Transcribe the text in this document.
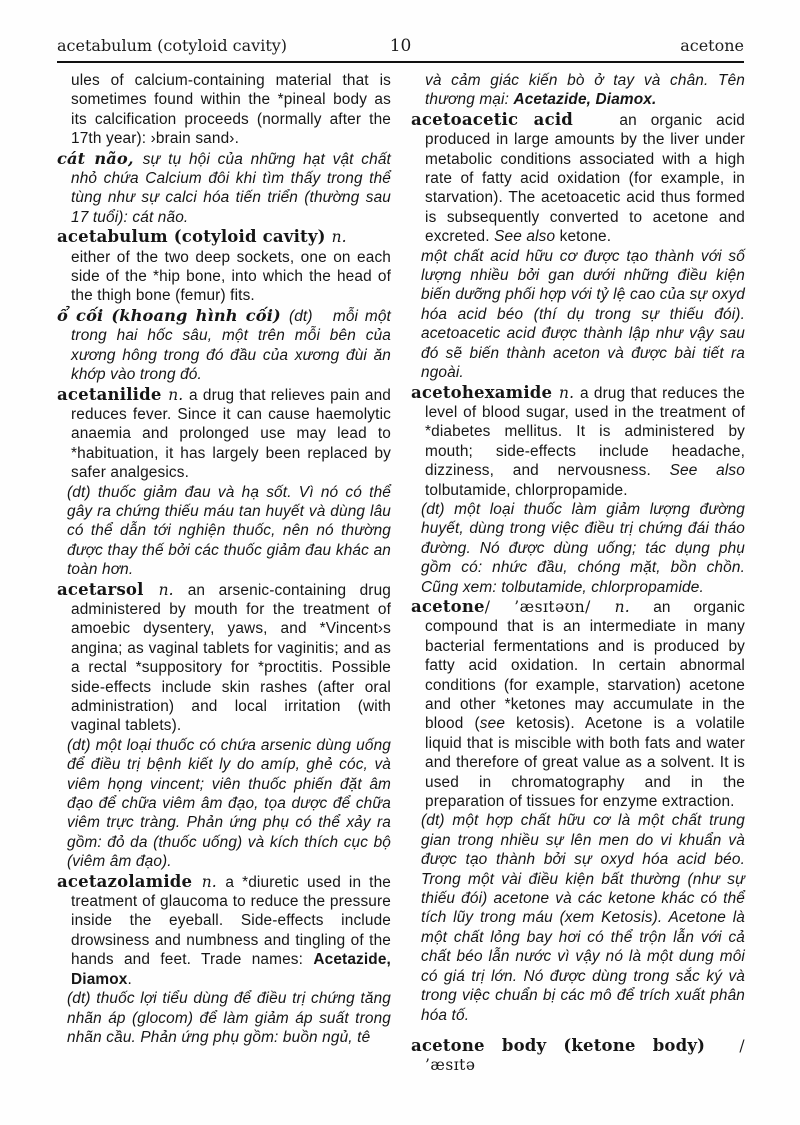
acetabulum (cotyloid cavity)	10	acetone

ules of calcium-containing material that is sometimes found within the *pineal body as its calcification proceeds (normally after the 17th year): ›brain sand›.

cát não, sự tụ hội của những hạt vật chất nhỏ chứa Calcium đôi khi tìm thấy trong thể tùng như sự calci hóa tiến triển (thường sau 17 tuổi): cát não.

acetabulum (cotyloid cavity) n.

either of the two deep sockets, one on each side of the *hip bone, into which the head of the thigh bone (femur) fits.

ổ cối (khoang hình cối) (dt)   mỗi một trong hai hốc sâu, một trên mỗi bên của xương hông trong đó đầu của xương đùi ăn khớp vào trong đó.

acetanilide n. a drug that relieves pain and reduces fever. Since it can cause haemolytic anaemia and prolonged use may lead to *habituation, it has largely been replaced by safer analgesics.

(dt) thuốc giảm đau và hạ sốt. Vì nó có thể gây ra chứng thiếu máu tan huyết và dùng lâu có thể dẫn tới nghiện thuốc, nên nó thường được thay thế bởi các thuốc giảm đau khác an toàn hơn.

acetarsol n. an arsenic-containing drug administered by mouth for the treatment of amoebic dysentery, yaws, and *Vincent›s angina; as vaginal tablets for vaginitis; and as a rectal *suppository for *proctitis. Possible side-effects include skin rashes (after oral administration) and local irritation (with vaginal tablets).

(dt) một loại thuốc có chứa arsenic dùng uống để điều trị bệnh kiết ly do amíp, ghẻ cóc, và viêm họng vincent; viên thuốc phiến đặt âm đạo để chữa viêm âm đạo, tọa dược để chữa viêm trực tràng. Phản ứng phụ có thể xảy ra gồm: đỏ da (thuốc uống) và kích thích cục bộ (viêm âm đạo).

acetazolamide n. a *diuretic used in the treatment of glaucoma to reduce the pressure inside the eyeball. Side-effects include drowsiness and numbness and tingling of the hands and feet. Trade names: Acetazide, Diamox.

(dt) thuốc lợi tiểu dùng để điều trị chứng tăng nhãn áp (glocom) để làm giảm áp suất trong nhãn cầu. Phản ứng phụ gồm: buồn ngủ, tê

và cảm giác kiến bò ở tay và chân. Tên thương mại: Acetazide, Diamox.

acetoacetic acid   an organic acid produced in large amounts by the liver under metabolic conditions associated with a high rate of fatty acid oxidation (for example, in starvation). The acetoacetic acid thus formed is subsequently converted to acetone and excreted. See also ketone.

một chất acid hữu cơ được tạo thành với số lượng nhiều bởi gan dưới những điều kiện biến dưỡng phối hợp với tỷ lệ cao của sự oxyd hóa acid béo (thí dụ trong sự thiếu đói). acetoacetic acid được thành lập như vậy sau đó sẽ biến thành aceton và được bài tiết ra ngoài.

acetohexamide n. a drug that reduces the level of blood sugar, used in the treatment of *diabetes mellitus. It is administered by mouth; side-effects include headache, dizziness, and nervousness. See also tolbutamide, chlorpropamide.

(dt) một loại thuốc làm giảm lượng đường huyết, dùng trong việc điều trị chứng đái tháo đường. Nó được dùng uống; tác dụng phụ gồm có: nhức đầu, chóng mặt, bồn chồn. Cũng xem: tolbutamide, chlorpropamide.

acetone/ ’æsɪtəʊn/ n. an organic compound that is an intermediate in many bacterial fermentations and is produced by fatty acid oxidation. In certain abnormal conditions (for example, starvation) acetone and other *ketones may accumulate in the blood (see ketosis). Acetone is a volatile liquid that is miscible with both fats and water and therefore of great value as a solvent. It is used in chromatography and in the preparation of tissues for enzyme extraction.

(dt) một hợp chất hữu cơ là một chất trung gian trong nhiều sự lên men do vi khuẩn và được tạo thành bởi sự oxyd hóa acid béo. Trong một vài điều kiện bất thường (như sự thiếu đói) acetone và các ketone khác có thể tích lũy trong máu (xem Ketosis). Acetone là một chất lỏng bay hơi có thể trộn lẫn với cả chất béo lẫn nước vì vậy nó là một dung môi có giá trị lớn. Nó được dùng trong sắc ký và trong việc chuẩn bị các mô để trích xuất phân hóa tố.

acetone body (ketone body)  / ’æsɪtə
